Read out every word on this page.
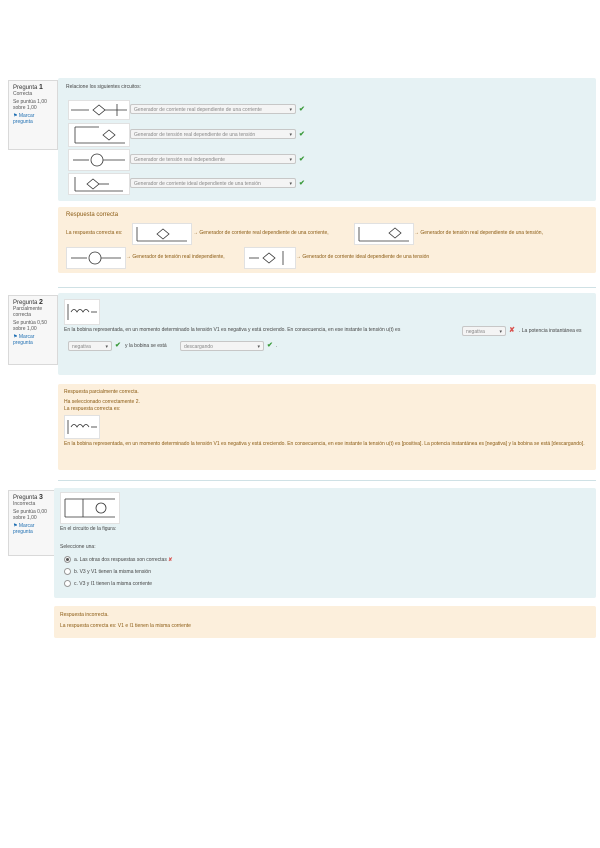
Pregunta 1
Correcta
Se puntúa 1,00 sobre 1,00
⚑ Marcar pregunta
Relacione los siguientes circuitos:
Generador de corriente real dependiente de una corriente	▾ ✔
Generador de tensión real dependiente de una tensión	▾ ✔
Generador de tensión real independiente	▾ ✔
Generador de corriente ideal dependiente de una tensión	▾ ✔
Respuesta correcta
La respuesta correcta es:	→ Generador de corriente real dependiente de una corriente,	→ Generador de tensión real dependiente de una tensión,
→ Generador de tensión real independiente,	→ Generador de corriente ideal dependiente de una tensión
Pregunta 2
Parcialmente correcta
Se puntúa 0,50 sobre 1,00
⚑ Marcar pregunta
En la bobina representada, en un momento determinado la tensión V1 es negativa y está creciendo. En consecuencia, en ese instante la tensión u(t) es	negativa	▾ ✘ . La potencia instantánea es
negativa	▾ ✔ y la bobina se está	descargando	▾ ✔ .
Respuesta parcialmente correcta.
Ha seleccionado correctamente 2.
La respuesta correcta es:
En la bobina representada, en un momento determinado la tensión V1 es negativa y está creciendo. En consecuencia, en ese instante la tensión u(t) es [positiva]. La potencia instantánea es [negativa] y la bobina se está [descargando].
Pregunta 3
Incorrecta
Se puntúa 0,00 sobre 1,00
⚑ Marcar pregunta	En el circuito de la figura:
Seleccione una:
a. Las otras dos respuestas son correctas ✘
b. V3 y V1 tienen la misma tensión
c. V3 y I1 tienen la misma corriente
Respuesta incorrecta.
La respuesta correcta es: V1 e I1 tienen la misma corriente
